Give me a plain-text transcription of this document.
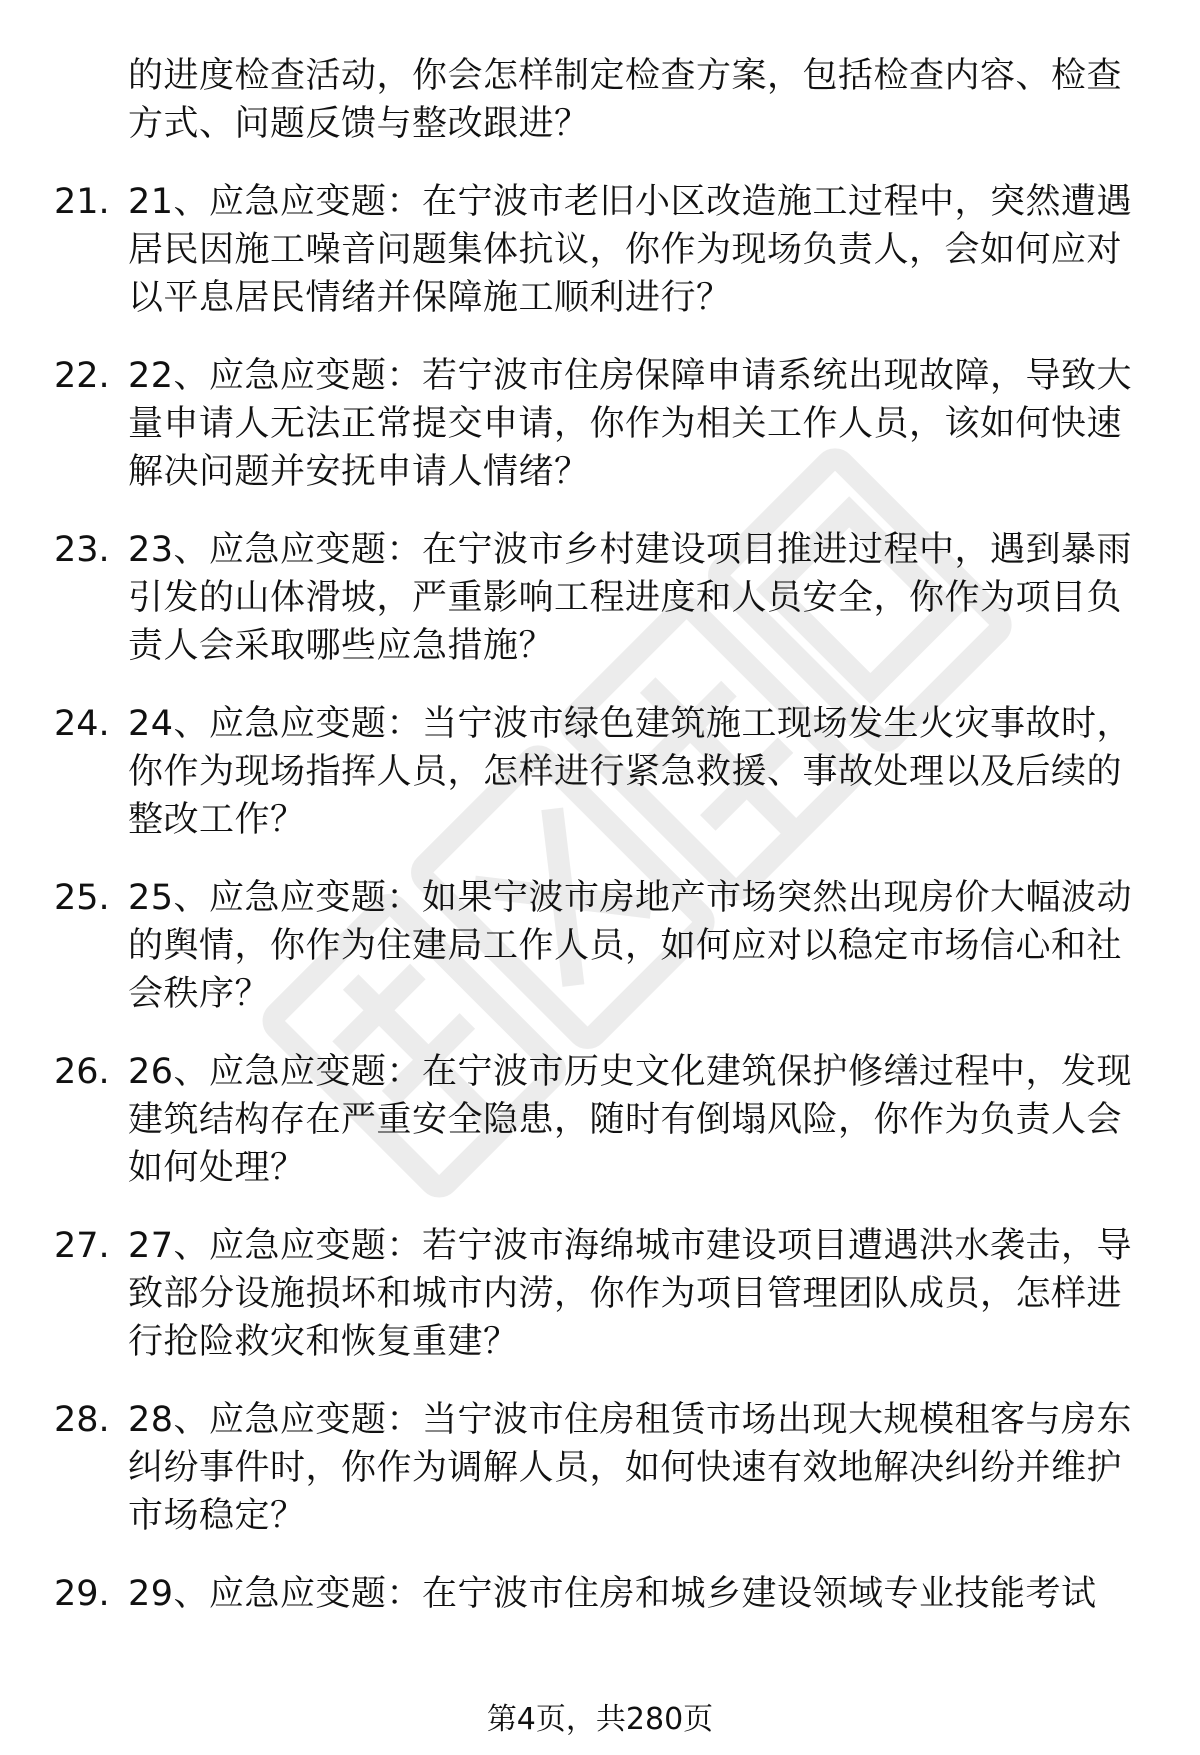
的进度检查活动，你会怎样制定检查方案，包括检查内容、检查
方式、问题反馈与整改跟进？
21. 21、应急应变题：在宁波市老旧小区改造施工过程中，突然遭遇
居民因施工噪音问题集体抗议，你作为现场负责人，会如何应对
以平息居民情绪并保障施工顺利进行？
22. 22、应急应变题：若宁波市住房保障申请系统出现故障，导致大
量申请人无法正常提交申请，你作为相关工作人员，该如何快速
解决问题并安抚申请人情绪？
23. 23、应急应变题：在宁波市乡村建设项目推进过程中，遇到暴雨
引发的山体滑坡，严重影响工程进度和人员安全，你作为项目负
责人会采取哪些应急措施？
24. 24、应急应变题：当宁波市绿色建筑施工现场发生火灾事故时，
你作为现场指挥人员，怎样进行紧急救援、事故处理以及后续的
整改工作？
25. 25、应急应变题：如果宁波市房地产市场突然出现房价大幅波动
的舆情，你作为住建局工作人员，如何应对以稳定市场信心和社
会秩序？
26. 26、应急应变题：在宁波市历史文化建筑保护修缮过程中，发现
建筑结构存在严重安全隐患，随时有倒塌风险，你作为负责人会
如何处理？
27. 27、应急应变题：若宁波市海绵城市建设项目遭遇洪水袭击，导
致部分设施损坏和城市内涝，你作为项目管理团队成员，怎样进
行抢险救灾和恢复重建？
28. 28、应急应变题：当宁波市住房租赁市场出现大规模租客与房东
纠纷事件时，你作为调解人员，如何快速有效地解决纠纷并维护
市场稳定？
29. 29、应急应变题：在宁波市住房和城乡建设领域专业技能考试
第4页，共280页
